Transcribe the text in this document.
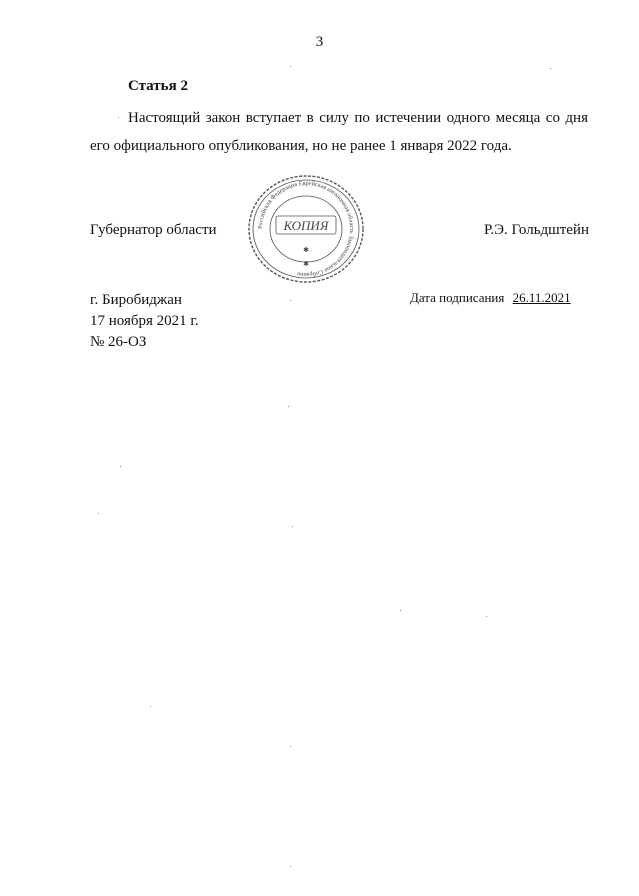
3
Статья 2

Настоящий закон вступает в силу по истечении одного месяца со дня его официального опубликования, но не ранее 1 января 2022 года.

Губернатор области	Российская Федерация Еврейская автономная область Законодательное Собрание
КОПИЯ
✱
✱
Р.Э. Гольдштейн
г. Биробиджан
17 ноября 2021 г.
№ 26-ОЗ
Дата подписания 26.11.2021
